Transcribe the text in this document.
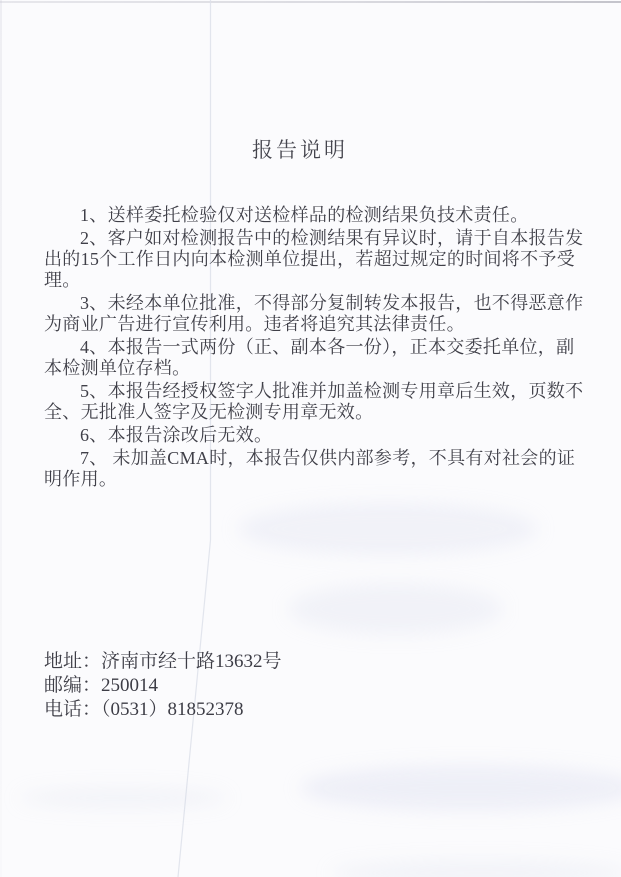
报告说明

1、送样委托检验仅对送检样品的检测结果负技术责任。

2、客户如对检测报告中的检测结果有异议时，请于自本报告发出的15个工作日内向本检测单位提出，若超过规定的时间将不予受理。

3、未经本单位批准，不得部分复制转发本报告，也不得恶意作为商业广告进行宣传利用。违者将追究其法律责任。

4、本报告一式两份（正、副本各一份），正本交委托单位，副本检测单位存档。

5、本报告经授权签字人批准并加盖检测专用章后生效，页数不全、无批准人签字及无检测专用章无效。

6、本报告涂改后无效。

7、 未加盖CMA时，本报告仅供内部参考，不具有对社会的证明作用。

地址：济南市经十路13632号
邮编：250014
电话：（0531）81852378
